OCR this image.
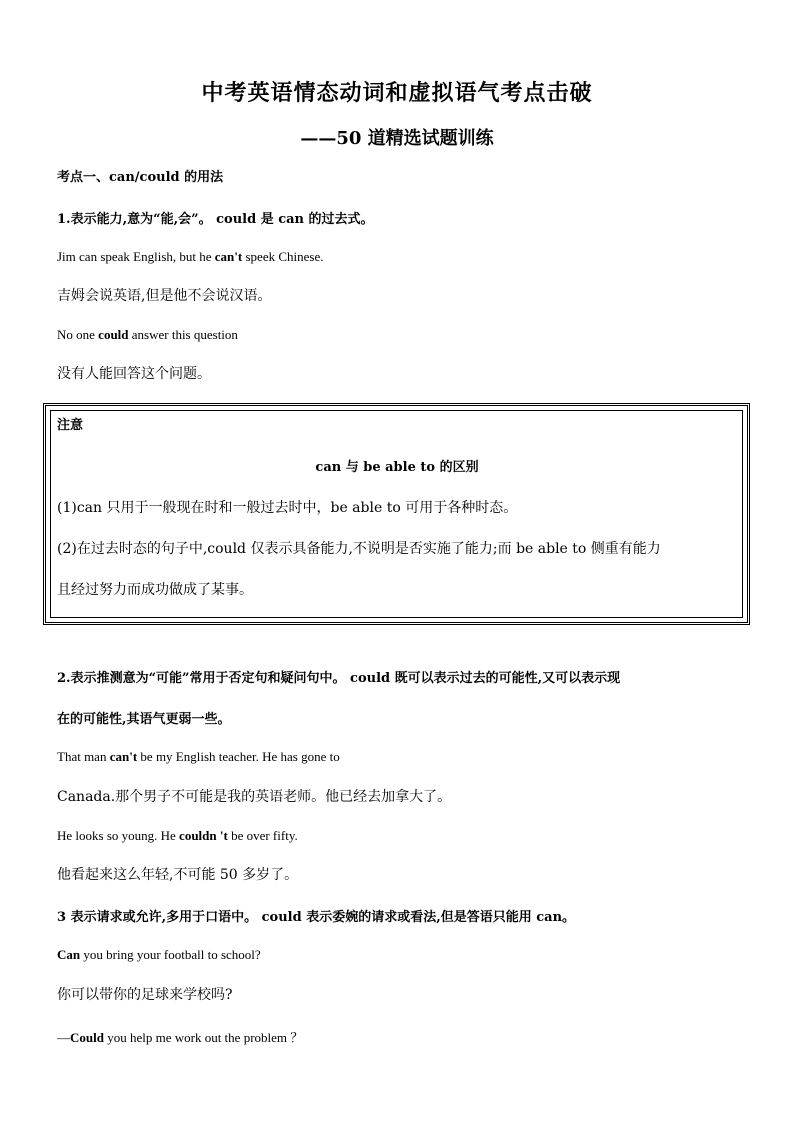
中考英语情态动词和虚拟语气考点击破
——50 道精选试题训练
考点一、can/could 的用法
1.表示能力,意为“能,会”。 could 是 can 的过去式。
Jim can speak English, but he can't speek Chinese.
吉姆会说英语,但是他不会说汉语。
No one could answer this question
没有人能回答这个问题。
注意
can 与 be able to 的区别
(1)can 只用于一般现在时和一般过去时中，be able to 可用于各种时态。
(2)在过去时态的句子中,could 仅表示具备能力,不说明是否实施了能力;而 be able to 侧重有能力
且经过努力而成功做成了某事。
2.表示推测意为“可能”常用于否定句和疑问句中。 could 既可以表示过去的可能性,又可以表示现
在的可能性,其语气更弱一些。
That man can't be my English teacher. He has gone to
Canada.那个男子不可能是我的英语老师。他已经去加拿大了。
He looks so young. He couldn 't be over fifty.
他看起来这么年轻,不可能 50 多岁了。
3 表示请求或允许,多用于口语中。 could 表示委婉的请求或看法,但是答语只能用 can。
Can you bring your football to school?
你可以带你的足球来学校吗?
—Could you help me work out the problem ？
